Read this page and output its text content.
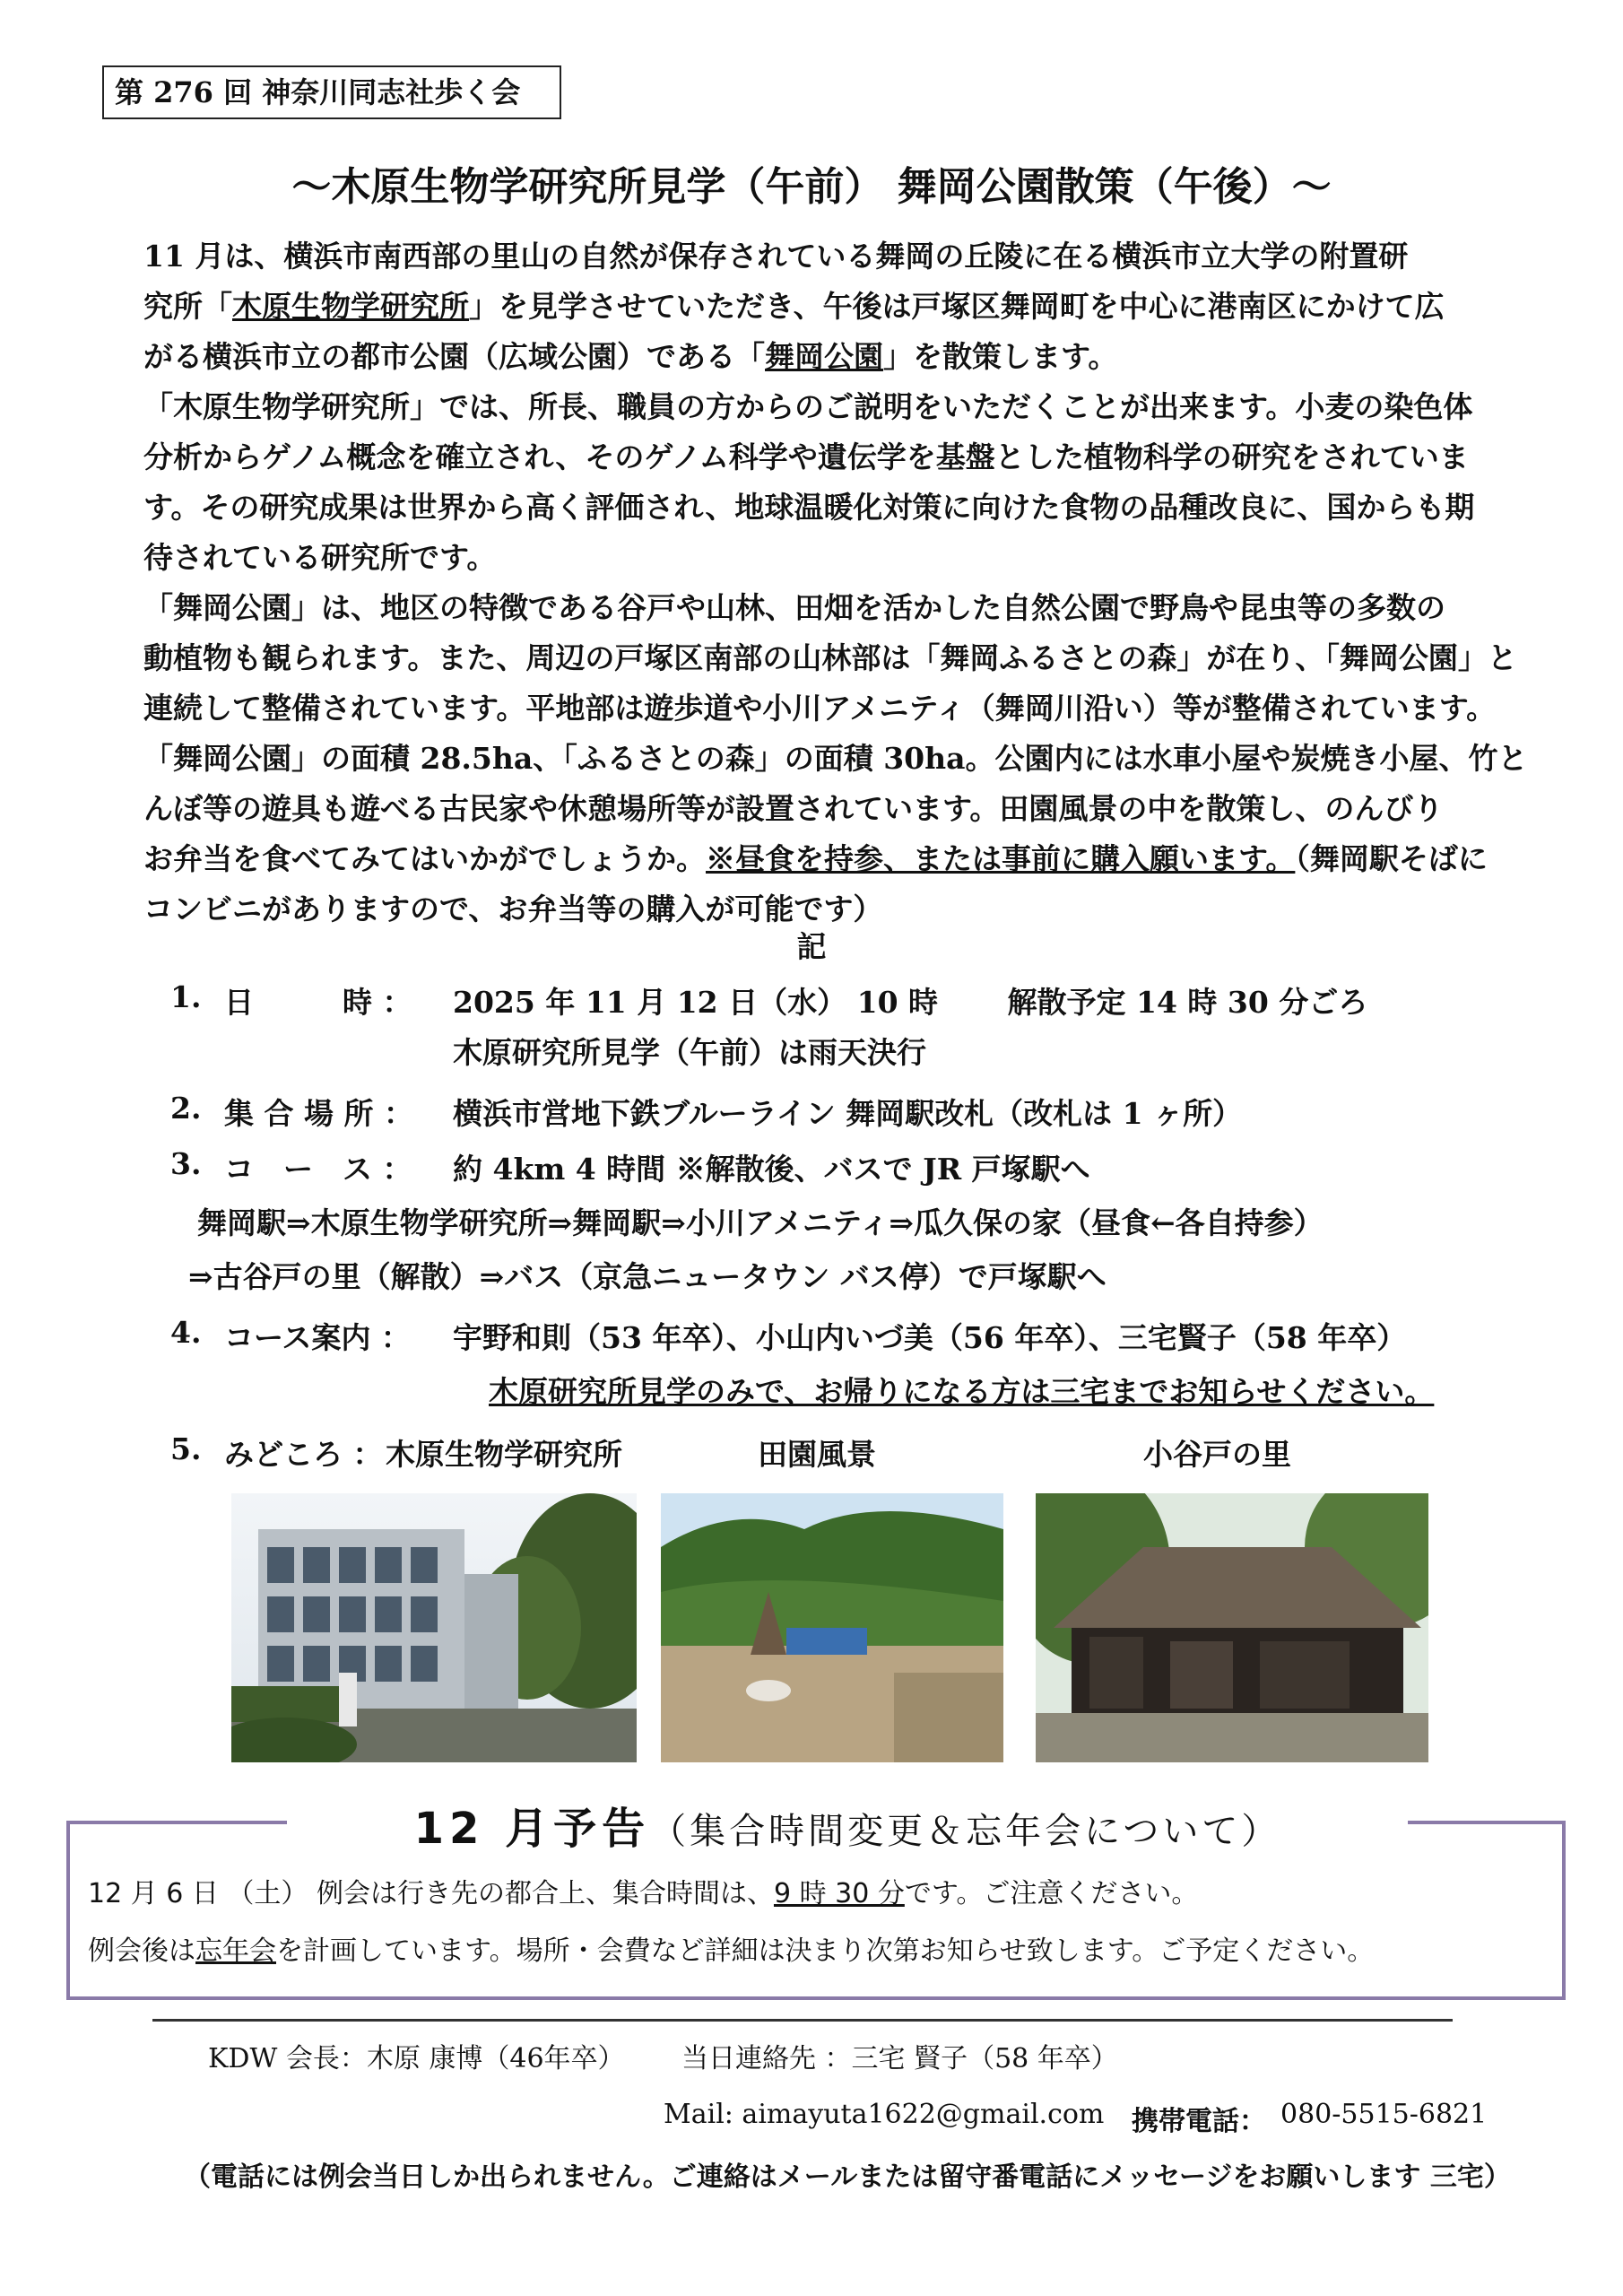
第 276 回 神奈川同志社歩く会
～木原生物学研究所見学（午前） 舞岡公園散策（午後）～
11 月は、横浜市南西部の里山の自然が保存されている舞岡の丘陵に在る横浜市立大学の附置研
究所「木原生物学研究所」を見学させていただき、午後は戸塚区舞岡町を中心に港南区にかけて広
がる横浜市立の都市公園（広域公園）である「舞岡公園」を散策します。
「木原生物学研究所」では、所長、職員の方からのご説明をいただくことが出来ます。小麦の染色体
分析からゲノム概念を確立され、そのゲノム科学や遺伝学を基盤とした植物科学の研究をされていま
す。その研究成果は世界から高く評価され、地球温暖化対策に向けた食物の品種改良に、国からも期
待されている研究所です。
「舞岡公園」は、地区の特徴である谷戸や山林、田畑を活かした自然公園で野鳥や昆虫等の多数の
動植物も観られます。また、周辺の戸塚区南部の山林部は「舞岡ふるさとの森」が在り、「舞岡公園」と
連続して整備されています。平地部は遊歩道や小川アメニティ（舞岡川沿い）等が整備されています。
「舞岡公園」の面積 28.5ha、「ふるさとの森」の面積 30ha。公園内には水車小屋や炭焼き小屋、竹と
んぼ等の遊具も遊べる古民家や休憩場所等が設置されています。田園風景の中を散策し、のんびり
お弁当を食べてみてはいかがでしょうか。※昼食を持参、または事前に購入願います。（舞岡駅そばに
コンビニがありますので、お弁当等の購入が可能です）
記
1. 日　　　時 ： 2025 年 11 月 12 日（水） 10 時　　 解散予定 14 時 30 分ごろ
木原研究所見学（午前）は雨天決行
2. 集 合 場 所 ： 横浜市営地下鉄ブルーライン 舞岡駅改札（改札は 1 ヶ所）
3. コ　ー　ス ： 約 4km 4 時間 ※解散後、バスで JR 戸塚駅へ
舞岡駅⇒木原生物学研究所⇒舞岡駅⇒小川アメニティ⇒瓜久保の家（昼食←各自持参）
⇒古谷戸の里（解散）⇒バス（京急ニュータウン バス停）で戸塚駅へ
4. コース案内 ： 宇野和則（53 年卒）、小山内いづ美（56 年卒）、三宅賢子（58 年卒）
木原研究所見学のみで、お帰りになる方は三宅までお知らせください。
5. みどころ ： 木原生物学研究所	田園風景	小谷戸の里
12 月予告（集合時間変更＆忘年会について）
12 月 6 日 （土） 例会は行き先の都合上、集合時間は、9 時 30 分です。ご注意ください。
例会後は忘年会を計画しています。場所・会費など詳細は決まり次第お知らせ致します。ご予定ください。
KDW 会長：木原 康博（46年卒） 当日連絡先 ：三宅 賢子（58 年卒）
Mail: aimayuta1622@gmail.com 携帯電話： 080-5515-6821
（電話には例会当日しか出られません。ご連絡はメールまたは留守番電話にメッセージをお願いします 三宅）
